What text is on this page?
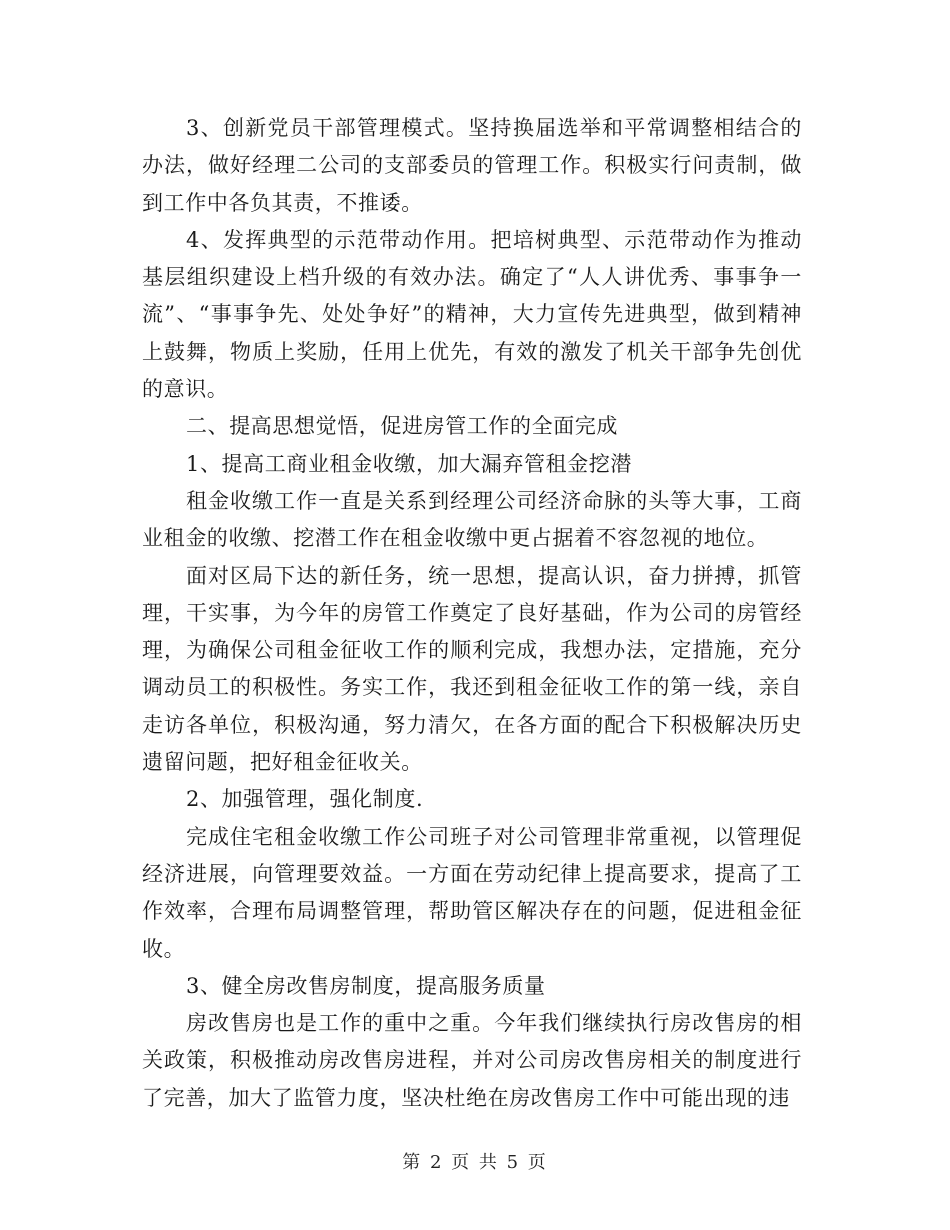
3、创新党员干部管理模式。坚持换届选举和平常调整相结合的办法，做好经理二公司的支部委员的管理工作。积极实行问责制，做到工作中各负其责，不推诿。

4、发挥典型的示范带动作用。把培树典型、示范带动作为推动基层组织建设上档升级的有效办法。确定了“人人讲优秀、事事争一流”、“事事争先、处处争好”的精神，大力宣传先进典型，做到精神上鼓舞，物质上奖励，任用上优先，有效的激发了机关干部争先创优的意识。

二、提高思想觉悟，促进房管工作的全面完成

1、提高工商业租金收缴，加大漏弃管租金挖潜

租金收缴工作一直是关系到经理公司经济命脉的头等大事，工商业租金的收缴、挖潜工作在租金收缴中更占据着不容忽视的地位。

面对区局下达的新任务，统一思想，提高认识，奋力拼搏，抓管理，干实事，为今年的房管工作奠定了良好基础，作为公司的房管经理，为确保公司租金征收工作的顺利完成，我想办法，定措施，充分调动员工的积极性。务实工作，我还到租金征收工作的第一线，亲自走访各单位，积极沟通，努力清欠，在各方面的配合下积极解决历史遗留问题，把好租金征收关。

2、加强管理，强化制度.

完成住宅租金收缴工作公司班子对公司管理非常重视，以管理促经济进展，向管理要效益。一方面在劳动纪律上提高要求，提高了工作效率，合理布局调整管理，帮助管区解决存在的问题，促进租金征收。

3、健全房改售房制度，提高服务质量

房改售房也是工作的重中之重。今年我们继续执行房改售房的相关政策，积极推动房改售房进程，并对公司房改售房相关的制度进行了完善，加大了监管力度，坚决杜绝在房改售房工作中可能出现的违

第 2 页 共 5 页
